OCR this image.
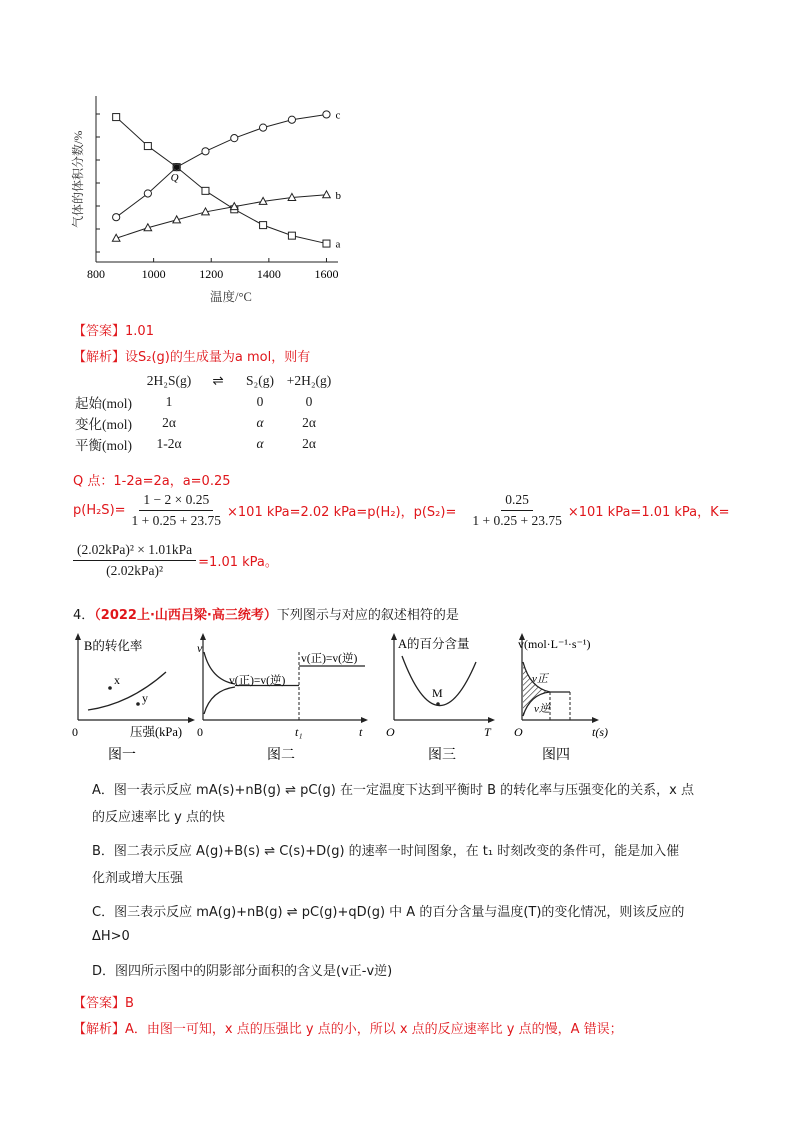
800	1000	1200	1400	1600
a
b
c
Q
气体的体积分数/%
温度/°C
【答案】1.01
【解析】设S₂(g)的生成量为a mol，则有
	2H₂S(g)	⇌	S₂(g)	+2H₂(g)
起始(mol)	1		0	0
变化(mol)	2α		α	2α
平衡(mol)	1-2α		α	2α
Q 点：1-2a=2a，a=0.25
$p(H_2S)= \frac{1 - 2 \times 0.25}{1 + 0.25 + 23.75} \times 101$ kPa=2.02 kPa=p(H₂)，$p(S_2)= \frac{0.25}{1 + 0.25 + 23.75} \times 101$ kPa=1.01 kPa，K=
$\frac{\text{(2.02kPa)² × 1.01kPa}}{\text{(2.02kPa)²}} =1.01$ kPa。
4．（2022上·山西吕梁·高三统考）下列图示与对应的叙述相符的是
B的转化率
x
y
压强(kPa)
0
图一
v
v(正)=v(逆)
v(正)=v(逆)
0	t₁	t
图二
A的百分含量
M
O	T
图三
v(mol·L⁻¹·s⁻¹)
v正
v逆
O	t(s)
图四
A．图一表示反应 mA(s)+nB(g) ⇌ pC(g) 在一定温度下达到平衡时 B 的转化率与压强变化的关系，x 点
的反应速率比 y 点的快
B．图二表示反应 A(g)+B(s) ⇌ C(s)+D(g) 的速率一时间图象，在 t₁ 时刻改变的条件可，能是加入催
化剂或增大压强
C．图三表示反应 mA(g)+nB(g) ⇌ pC(g)+qD(g) 中 A 的百分含量与温度(T)的变化情况，则该反应的
ΔH>0
D．图四所示图中的阴影部分面积的含义是(v正-v逆)
【答案】B
【解析】A．由图一可知，x 点的压强比 y 点的小，所以 x 点的反应速率比 y 点的慢，A 错误；
